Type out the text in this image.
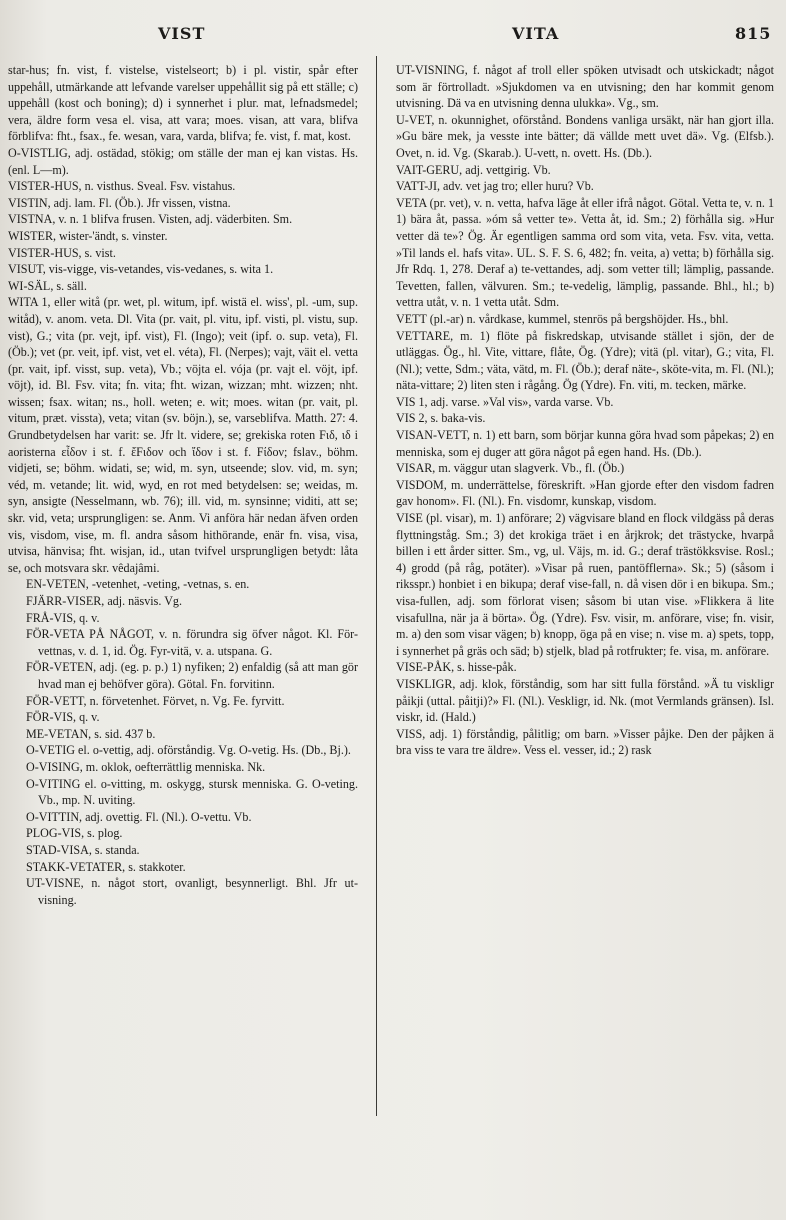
VIST	VITA	815

star-hus; fn. vist, f. vistelse, vistelseort; b) i pl. vistir, spår efter uppehåll, utmärkande att lefvande varelser uppehållit sig på ett ställe; c) uppehåll (kost och boning); d) i synnerhet i plur. mat, lefnadsmedel; vera, äldre form vesa el. visa, att vara; moes. visan, att vara, blifva förblifva: fht., fsax., fe. wesan, vara, varda, blifva; fe. vist, f. mat, kost.

O-VISTLIG, adj. ostädad, stökig; om ställe der man ej kan vistas. Hs. (enl. L—m).

VISTER-HUS, n. visthus. Sveal. Fsv. vistahus.

VISTIN, adj. lam. Fl. (Öb.). Jfr vissen, vistna.

VISTNA, v. n. 1 blifva frusen. Visten, adj. väderbiten. Sm.

WISTER, wister-'ändt, s. vinster.

VISTER-HUS, s. vist.

VISUT, vis-vigge, vis-vetandes, vis-vedanes, s. wita 1.

WI-SÄL, s. säll.

WITA 1, eller witå (pr. wet, pl. witum, ipf. wistä el. wiss', pl. -um, sup. witåd), v. anom. veta. Dl. Vita (pr. vait, pl. vitu, ipf. visti, pl. vistu, sup. vist), G.; vita (pr. vejt, ipf. vist), Fl. (Ingo); veit (ipf. o. sup. veta), Fl. (Öb.); vet (pr. veit, ipf. vist, vet el. véta), Fl. (Nerpes); vajt, väit el. vetta (pr. vait, ipf. visst, sup. veta), Vb.; vöjta el. vója (pr. vajt el. vöjt, ipf. vöjt), id. Bl. Fsv. vita; fn. vita; fht. wizan, wizzan; mht. wizzen; nht. wissen; fsax. witan; ns., holl. weten; e. wit; moes. witan (pr. vait, pl. vitum, præt. vissta), veta; vitan (sv. böjn.), se, varseblifva. Matth. 27: 4. Grundbetydelsen har varit: se. Jfr lt. videre, se; grekiska roten Fιδ, ιδ i aoristerna εἶδον i st. f. ἔFιδον och ἴδον i st. f. Fίδον; fslav., böhm. vidjeti, se; böhm. widati, se; wid, m. syn, utseende; slov. vid, m. syn; véd, m. vetande; lit. wid, wyd, en rot med betydelsen: se; weidas, m. syn, ansigte (Nesselmann, wb. 76); ill. vid, m. synsinne; viditi, att se; skr. vid, veta; ursprungligen: se. Anm. Vi anföra här nedan äfven orden vis, visdom, vise, m. fl. andra såsom hithörande, enär fn. visa, visa, utvisa, hänvisa; fht. wisjan, id., utan tvifvel ursprungligen betydt: låta se, och motsvara skr. vêdajâmi.

EN-VETEN, -vetenhet, -veting, -vetnas, s. en.

FJÄRR-VISER, adj. näsvis. Vg.

FRÅ-VIS, q. v.

FÖR-VETA PÅ NÅGOT, v. n. förundra sig öfver något. Kl. För-vettnas, v. d. 1, id. Ög. Fyr-vitä, v. a. utspana. G.

FÖR-VETEN, adj. (eg. p. p.) 1) nyfiken; 2) enfaldig (så att man gör hvad man ej behöfver göra). Götal. Fn. forvitinn.

FÖR-VETT, n. förvetenhet. Förvet, n. Vg. Fe. fyrvitt.

FÖR-VIS, q. v.

ME-VETAN, s. sid. 437 b.

O-VETIG el. o-vettig, adj. oförståndig. Vg. O-vetig. Hs. (Db., Bj.).

O-VISING, m. oklok, oefterrättlig menniska. Nk.

O-VITING el. o-vitting, m. oskygg, stursk menniska. G. O-veting. Vb., mp. N. uviting.

O-VITTIN, adj. ovettig. Fl. (Nl.). O-vettu. Vb.

PLOG-VIS, s. plog.

STAD-VISA, s. standa.

STAKK-VETATER, s. stakkoter.

UT-VISNE, n. något stort, ovanligt, besynnerligt. Bhl. Jfr ut-visning.

UT-VISNING, f. något af troll eller spöken utvisadt och utskickadt; något som är förtrolladt. »Sjukdomen va en utvisning; den har kommit genom utvisning. Dä va en utvisning denna ulukka». Vg., sm.

U-VET, n. okunnighet, oförstånd. Bondens vanliga ursäkt, när han gjort illa. »Gu bäre mek, ja vesste inte bätter; dä vällde mett uvet dä». Vg. (Elfsb.). Ovet, n. id. Vg. (Skarab.). U-vett, n. ovett. Hs. (Db.).

VAIT-GERU, adj. vettgirig. Vb.

VATT-JI, adv. vet jag tro; eller huru? Vb.

VETA (pr. vet), v. n. vetta, hafva läge åt eller ifrå något. Götal. Vetta te, v. n. 1 1) bära åt, passa. »óm så vetter te». Vetta åt, id. Sm.; 2) förhålla sig. »Hur vetter dä te»? Ög. Är egentligen samma ord som vita, veta. Fsv. vita, vetta. »Til lands el. hafs vita». UL. S. F. S. 6, 482; fn. veita, a) vetta; b) förhålla sig. Jfr Rdq. 1, 278. Deraf a) te-vettandes, adj. som vetter till; lämplig, passande. Tevetten, fallen, välvuren. Sm.; te-vedelig, lämplig, passande. Bhl., hl.; b) vettra utåt, v. n. 1 vetta utåt. Sdm.

VETT (pl.-ar) n. vårdkase, kummel, stenrös på bergshöjder. Hs., bhl.

VETTARE, m. 1) flöte på fiskredskap, utvisande stället i sjön, der de utläggas. Ög., hl. Vite, vittare, flåte, Ög. (Ydre); vitä (pl. vitar), G.; vita, Fl. (Nl.); vette, Sdm.; väta, vätd, m. Fl. (Öb.); deraf näte-, sköte-vita, m. Fl. (Nl.); näta-vittare; 2) liten sten i rågång. Ög (Ydre). Fn. viti, m. tecken, märke.

VIS 1, adj. varse. »Val vis», varda varse. Vb.

VIS 2, s. baka-vis.

VISAN-VETT, n. 1) ett barn, som börjar kunna göra hvad som påpekas; 2) en menniska, som ej duger att göra något på egen hand. Hs. (Db.).

VISAR, m. väggur utan slagverk. Vb., fl. (Öb.)

VISDOM, m. underrättelse, föreskrift. »Han gjorde efter den visdom fadren gav honom». Fl. (Nl.). Fn. visdomr, kunskap, visdom.

VISE (pl. visar), m. 1) anförare; 2) vägvisare bland en flock vildgäss på deras flyttningståg. Sm.; 3) det krokiga träet i en årjkrok; det trästycke, hvarpå billen i ett årder sitter. Sm., vg, ul. Väjs, m. id. G.; deraf trästökksvise. Rosl.; 4) grodd (på råg, potäter). »Visar på ruen, pantöfflerna». Sk.; 5) (såsom i riksspr.) honbiet i en bikupa; deraf vise-fall, n. då visen dör i en bikupa. Sm.; visa-fullen, adj. som förlorat visen; såsom bi utan vise. »Flikkera ä lite visafullna, när ja ä börta». Ög. (Ydre). Fsv. visir, m. anförare, vise; fn. visir, m. a) den som visar vägen; b) knopp, öga på en vise; n. vise m. a) spets, topp, i synnerhet på gräs och säd; b) stjelk, blad på rotfrukter; fe. visa, m. anförare.

VISE-PÅK, s. hisse-påk.

VISKLIGR, adj. klok, förståndig, som har sitt fulla förstånd. »Ä tu viskligr påikji (uttal. påitji)?» Fl. (Nl.). Veskligr, id. Nk. (mot Vermlands gränsen). Isl. viskr, id. (Hald.)

VISS, adj. 1) förståndig, pålitlig; om barn. »Visser påjke. Den der påjken ä bra viss te vara tre äldre». Vess el. vesser, id.; 2) rask
